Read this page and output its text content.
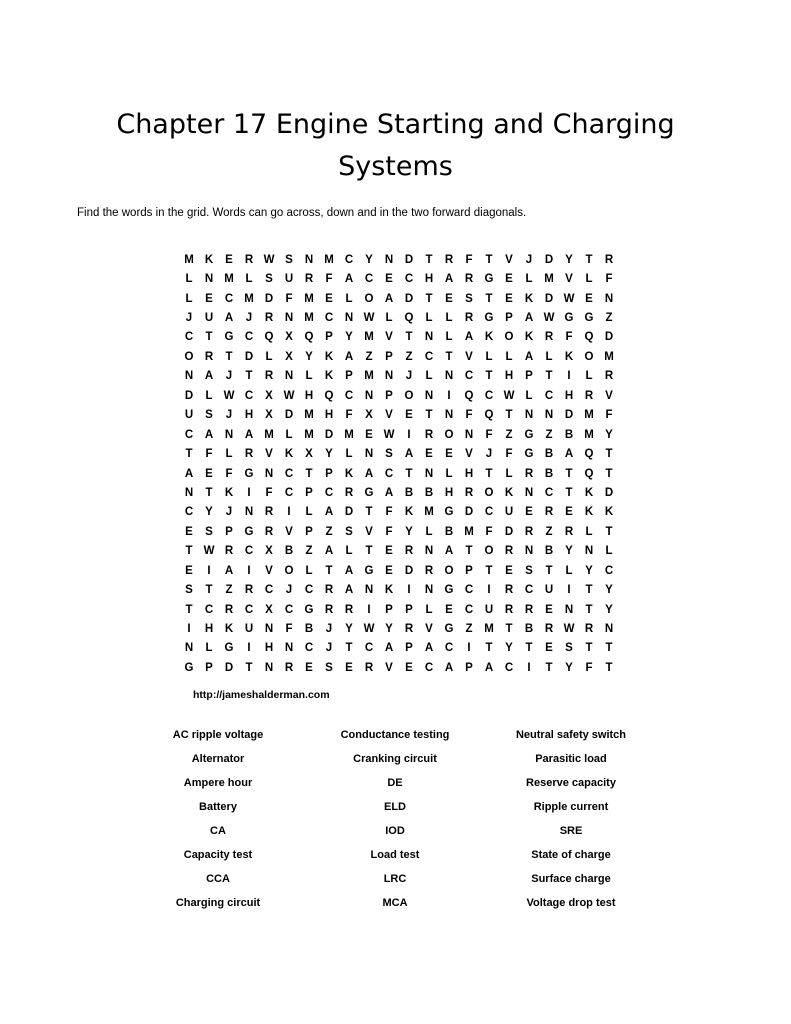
Chapter 17 Engine Starting and Charging Systems

Find the words in the grid. Words can go across, down and in the two forward diagonals.

M K	E	R W S	N M C	Y	N	D	T	R	F	T	V	J	D	Y	T	R
L	N M	L	S	U	R	F	A	C	E	C	H	A	R G	E	L	M V	L	F
L	E	C M D	F	M E	L	O A	D	T	E	S	T	E	K	D W E	N
J	U	A	J	R	N M C	N W L	Q	L	L	R G	P	A W G G	Z
C	T	G C Q	X	Q	P	Y M V	T	N	L	A	K O K	R	F	Q D
O R	T	D	L	X	Y	K	A	Z	P	Z	C	T	V	L	L	A	L	K O M
N	A	J	T	R	N	L	K	P M N	J	L	N	C	T	H	P	T	I	L	R
D	L W C	X W H Q C	N	P	O N	I	Q C W L	C	H	R	V
U	S	J	H	X	D M H	F	X	V	E	T	N	F	Q	T	N	N	D M	F
C	A	N	A M	L	M D M E W	I	R O N	F	Z	G	Z	B M Y
T	F	L	R	V	K	X	Y	L	N	S	A	E	E	V	J	F	G B	A Q	T
A	E	F	G N	C	T	P	K	A	C	T	N	L	H	T	L	R	B	T	Q	T
N	T	K	I	F	C	P	C	R G A	B	B	H	R O K	N	C	T	K	D
C	Y	J	N	R	I	L	A	D	T	F	K M G D	C	U	E	R	E	K	K
E	S	P	G R	V	P	Z	S	V	F	Y	L	B M	F	D	R	Z	R	L	T
T W R	C	X	B	Z	A	L	T	E	R	N	A	T	O R	N	B	Y	N	L
E	I	A	I	V	O	L	T	A G	E	D	R O	P	T	E	S	T	L	Y	C
S	T	Z	R	C	J	C	R	A	N	K	I	N G C	I	R	C	U	I	T	Y
T	C	R	C	X	C G R	R	I	P	P	L	E	C	U	R	R	E	N	T	Y
I	H	K	U	N	F	B	J	Y W Y	R	V	G	Z	M	T	B	R W R	N
N	L	G	I	H	N	C	J	T	C	A	P	A	C	I	T	Y	T	E	S	T	T
G	P	D	T	N	R	E	S	E	R	V	E	C	A	P	A	C	I	T	Y	F	T
http://jameshalderman.com
AC ripple voltage
Alternator
Ampere hour
Battery
CA
Capacity test
CCA
Charging circuit
Conductance testing
Cranking circuit
DE
ELD
IOD
Load test
LRC
MCA
Neutral safety switch
Parasitic load
Reserve capacity
Ripple current
SRE
State of charge
Surface charge
Voltage drop test
